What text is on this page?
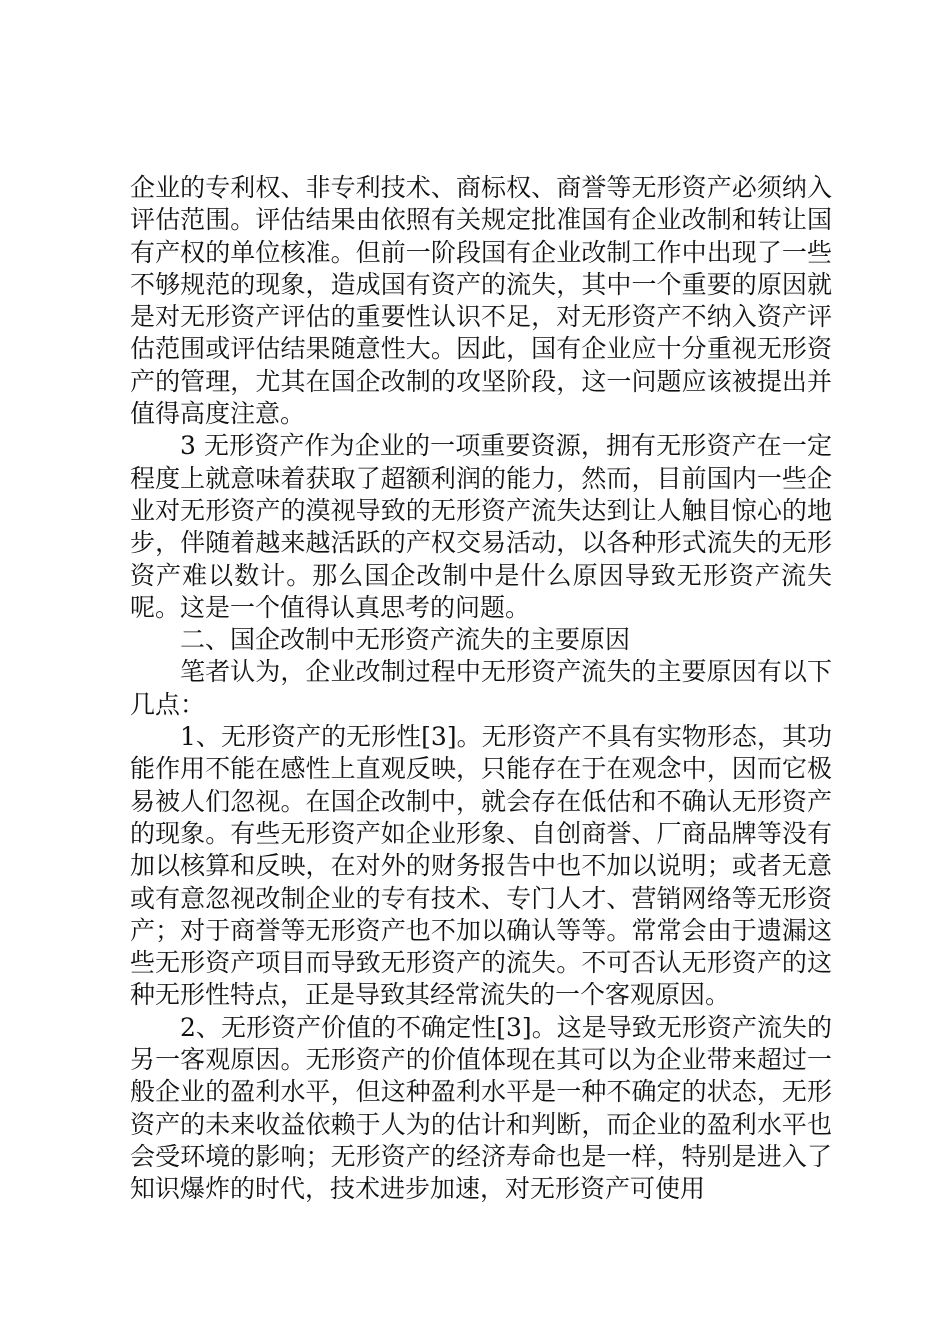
企业的专利权、非专利技术、商标权、商誉等无形资产必须纳入评估范围。评估结果由依照有关规定批准国有企业改制和转让国有产权的单位核准。但前一阶段国有企业改制工作中出现了一些不够规范的现象，造成国有资产的流失，其中一个重要的原因就是对无形资产评估的重要性认识不足，对无形资产不纳入资产评估范围或评估结果随意性大。因此，国有企业应十分重视无形资产的管理，尤其在国企改制的攻坚阶段，这一问题应该被提出并值得高度注意。

3 无形资产作为企业的一项重要资源，拥有无形资产在一定程度上就意味着获取了超额利润的能力，然而，目前国内一些企业对无形资产的漠视导致的无形资产流失达到让人触目惊心的地步，伴随着越来越活跃的产权交易活动，以各种形式流失的无形资产难以数计。那么国企改制中是什么原因导致无形资产流失呢。这是一个值得认真思考的问题。

二、国企改制中无形资产流失的主要原因

笔者认为，企业改制过程中无形资产流失的主要原因有以下几点：

1、无形资产的无形性[3]。无形资产不具有实物形态，其功能作用不能在感性上直观反映，只能存在于在观念中，因而它极易被人们忽视。在国企改制中，就会存在低估和不确认无形资产的现象。有些无形资产如企业形象、自创商誉、厂商品牌等没有加以核算和反映，在对外的财务报告中也不加以说明；或者无意或有意忽视改制企业的专有技术、专门人才、营销网络等无形资产；对于商誉等无形资产也不加以确认等等。常常会由于遗漏这些无形资产项目而导致无形资产的流失。不可否认无形资产的这种无形性特点，正是导致其经常流失的一个客观原因。

2、无形资产价值的不确定性[3]。这是导致无形资产流失的另一客观原因。无形资产的价值体现在其可以为企业带来超过一般企业的盈利水平，但这种盈利水平是一种不确定的状态，无形资产的未来收益依赖于人为的估计和判断，而企业的盈利水平也会受环境的影响；无形资产的经济寿命也是一样，特别是进入了知识爆炸的时代，技术进步加速，对无形资产可使用
